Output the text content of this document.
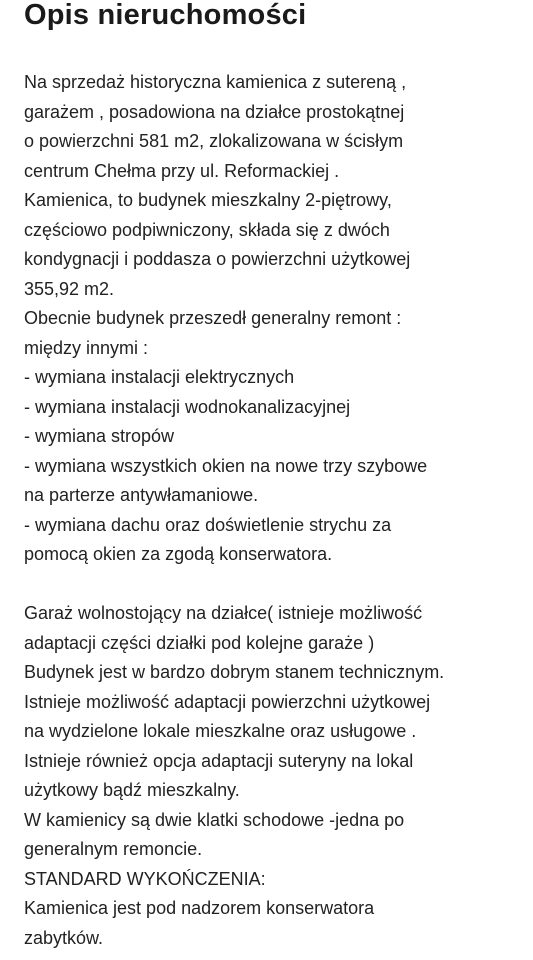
Opis nieruchomości
Na sprzedaż historyczna kamienica z sutereną ,
garażem , posadowiona na działce prostokątnej
o powierzchni 581 m2, zlokalizowana w ścisłym
centrum Chełma przy ul. Reformackiej .
Kamienica, to budynek mieszkalny 2-piętrowy,
częściowo podpiwniczony, składa się z dwóch
kondygnacji i poddasza o powierzchni użytkowej
355,92 m2.
Obecnie budynek przeszedł generalny remont :
między innymi :
- wymiana instalacji elektrycznych
- wymiana instalacji wodnokanalizacyjnej
- wymiana stropów
- wymiana wszystkich okien na nowe trzy szybowe
na parterze antywłamaniowe.
- wymiana dachu oraz doświetlenie strychu za
pomocą okien za zgodą konserwatora.
Garaż wolnostojący na działce( istnieje możliwość
adaptacji części działki pod kolejne garaże )
Budynek jest w bardzo dobrym stanem technicznym.
Istnieje możliwość adaptacji powierzchni użytkowej
na wydzielone lokale mieszkalne oraz usługowe .
Istnieje również opcja adaptacji suteryny na lokal
użytkowy bądź mieszkalny.
W kamienicy są dwie klatki schodowe -jedna po
generalnym remoncie.
STANDARD WYKOŃCZENIA:
Kamienica jest pod nadzorem konserwatora
zabytków.
